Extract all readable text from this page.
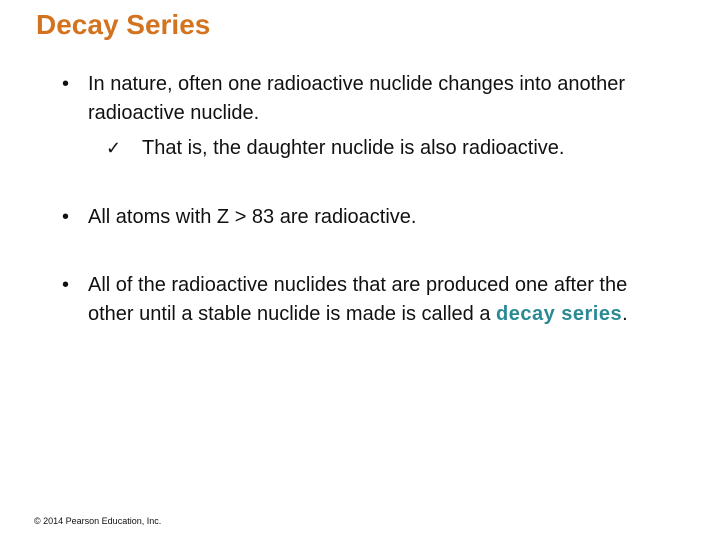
Decay Series
• In nature, often one radioactive nuclide changes into another radioactive nuclide.
✓ That is, the daughter nuclide is also radioactive.
• All atoms with Z > 83 are radioactive.
• All of the radioactive nuclides that are produced one after the other until a stable nuclide is made is called a decay series.
© 2014 Pearson Education, Inc.
